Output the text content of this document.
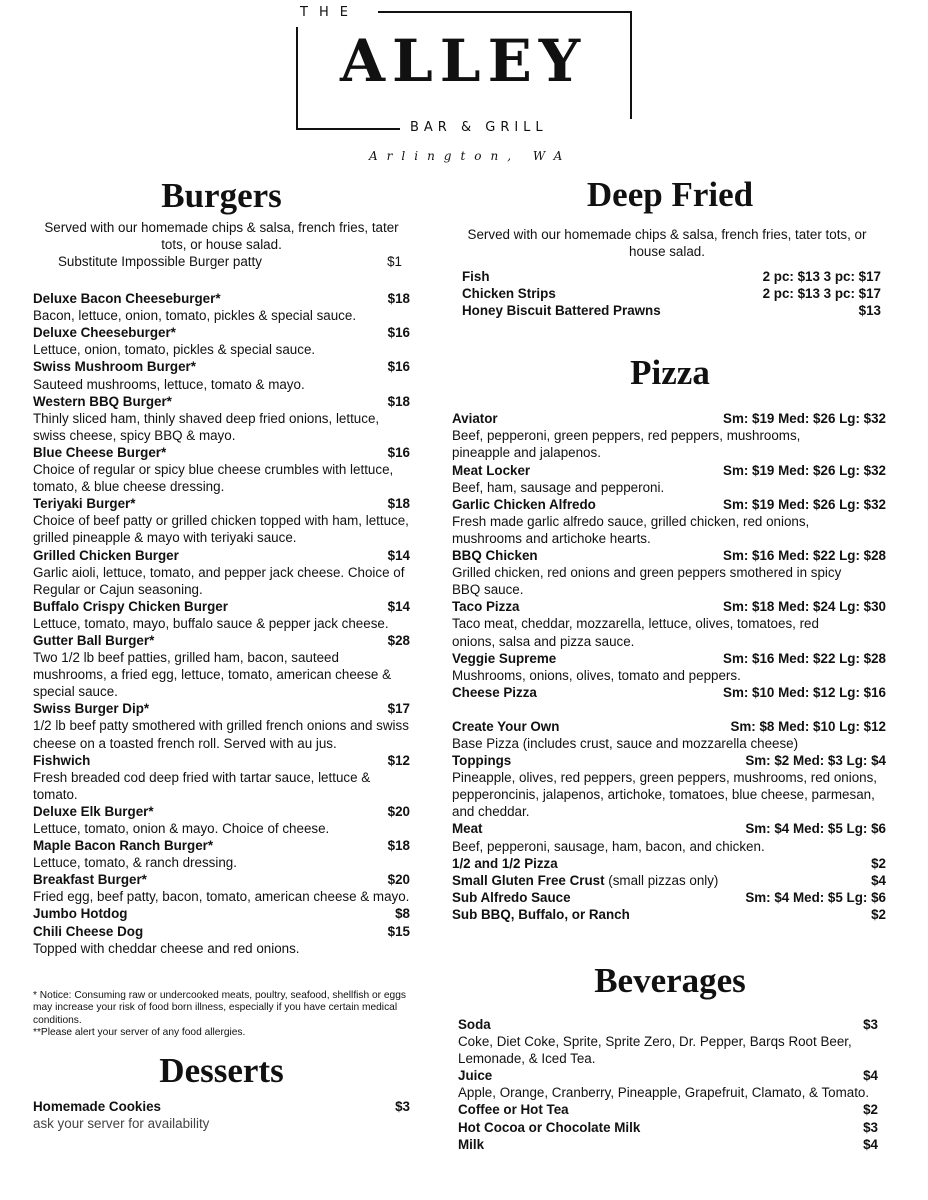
THE
ALLEY
BAR & GRILL
Arlington, WA
Burgers
Served with our homemade chips & salsa, french fries, tater tots, or house salad.
Substitute Impossible Burger patty	$1
Deluxe Bacon Cheeseburger*	$18
Bacon, lettuce, onion, tomato, pickles & special sauce.
Deluxe Cheeseburger*	$16
Lettuce, onion, tomato, pickles & special sauce.
Swiss Mushroom Burger*	$16
Sauteed mushrooms, lettuce, tomato & mayo.
Western BBQ Burger*	$18
Thinly sliced ham, thinly shaved deep fried onions, lettuce, swiss cheese, spicy BBQ & mayo.
Blue Cheese Burger*	$16
Choice of regular or spicy blue cheese crumbles with lettuce, tomato, & blue cheese dressing.
Teriyaki Burger*	$18
Choice of beef patty or grilled chicken topped with ham, lettuce, grilled pineapple & mayo with teriyaki sauce.
Grilled Chicken Burger	$14
Garlic aioli, lettuce, tomato, and pepper jack cheese. Choice of Regular or Cajun seasoning.
Buffalo Crispy Chicken Burger	$14
Lettuce, tomato, mayo, buffalo sauce & pepper jack cheese.
Gutter Ball Burger*	$28
Two 1/2 lb beef patties, grilled ham, bacon, sauteed mushrooms, a fried egg, lettuce, tomato, american cheese & special sauce.
Swiss Burger Dip*	$17
1/2 lb beef patty smothered with grilled french onions and swiss cheese on a toasted french roll. Served with au jus.
Fishwich	$12
Fresh breaded cod deep fried with tartar sauce, lettuce & tomato.
Deluxe Elk Burger*	$20
Lettuce, tomato, onion & mayo. Choice of cheese.
Maple Bacon Ranch Burger*	$18
Lettuce, tomato, & ranch dressing.
Breakfast Burger*	$20
Fried egg, beef patty, bacon, tomato, american cheese & mayo.
Jumbo Hotdog	$8
Chili Cheese Dog	$15
Topped with cheddar cheese and red onions.
* Notice: Consuming raw or undercooked meats, poultry, seafood, shellfish or eggs may increase your risk of food born illness, especially if you have certain medical conditions.
**Please alert your server of any food allergies.
Desserts
Homemade Cookies	$3
ask your server for availability
Deep Fried
Served with our homemade chips & salsa, french fries, tater tots, or house salad.
Fish	2 pc: $13 3 pc: $17
Chicken Strips	2 pc: $13 3 pc: $17
Honey Biscuit Battered Prawns	$13
Pizza
Aviator	Sm: $19 Med: $26 Lg: $32
Beef, pepperoni, green peppers, red peppers, mushrooms, pineapple and jalapenos.
Meat Locker	Sm: $19 Med: $26 Lg: $32
Beef, ham, sausage and pepperoni.
Garlic Chicken Alfredo	Sm: $19 Med: $26 Lg: $32
Fresh made garlic alfredo sauce, grilled chicken, red onions, mushrooms and artichoke hearts.
BBQ Chicken	Sm: $16 Med: $22 Lg: $28
Grilled chicken, red onions and green peppers smothered in spicy BBQ sauce.
Taco Pizza	Sm: $18 Med: $24 Lg: $30
Taco meat, cheddar, mozzarella, lettuce, olives, tomatoes, red onions, salsa and pizza sauce.
Veggie Supreme	Sm: $16 Med: $22 Lg: $28
Mushrooms, onions, olives, tomato and peppers.
Cheese Pizza	Sm: $10 Med: $12 Lg: $16
Create Your Own	Sm: $8 Med: $10 Lg: $12
Base Pizza (includes crust, sauce and mozzarella cheese)
Toppings	Sm: $2 Med: $3 Lg: $4
Pineapple, olives, red peppers, green peppers, mushrooms, red onions, pepperoncinis, jalapenos, artichoke, tomatoes, blue cheese, parmesan, and cheddar.
Meat	Sm: $4 Med: $5 Lg: $6
Beef, pepperoni, sausage, ham, bacon, and chicken.
1/2 and 1/2 Pizza	$2
Small Gluten Free Crust (small pizzas only)	$4
Sub Alfredo Sauce	Sm: $4 Med: $5 Lg: $6
Sub BBQ, Buffalo, or Ranch	$2
Beverages
Soda	$3
Coke, Diet Coke, Sprite, Sprite Zero, Dr. Pepper, Barqs Root Beer, Lemonade, & Iced Tea.
Juice	$4
Apple, Orange, Cranberry, Pineapple, Grapefruit, Clamato, & Tomato.
Coffee or Hot Tea	$2
Hot Cocoa or Chocolate Milk	$3
Milk	$4
